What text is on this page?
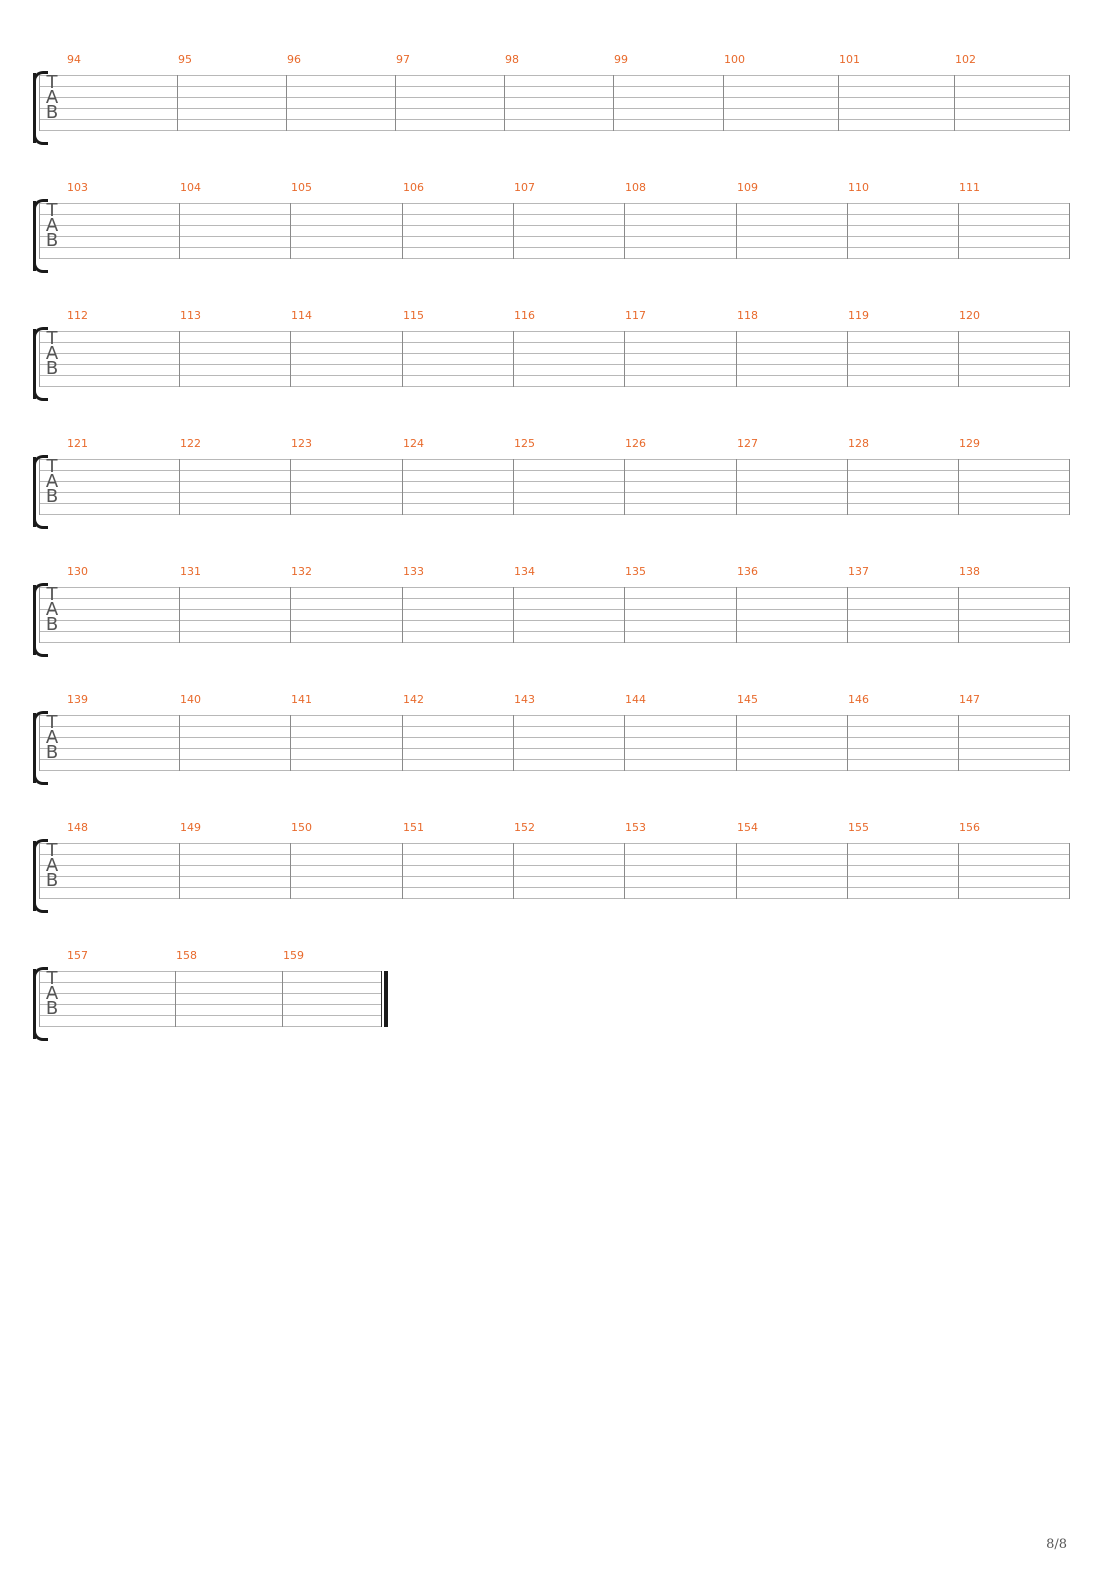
T
A
B
94	95	96	97	98	99	100	101	102
T
A
B
103	104	105	106	107	108	109	110	111
T
A
B
112	113	114	115	116	117	118	119	120
T
A
B
121	122	123	124	125	126	127	128	129
T
A
B
130	131	132	133	134	135	136	137	138
T
A
B
139	140	141	142	143	144	145	146	147
T
A
B
148	149	150	151	152	153	154	155	156
T
A
B
157	158	159
8/8
